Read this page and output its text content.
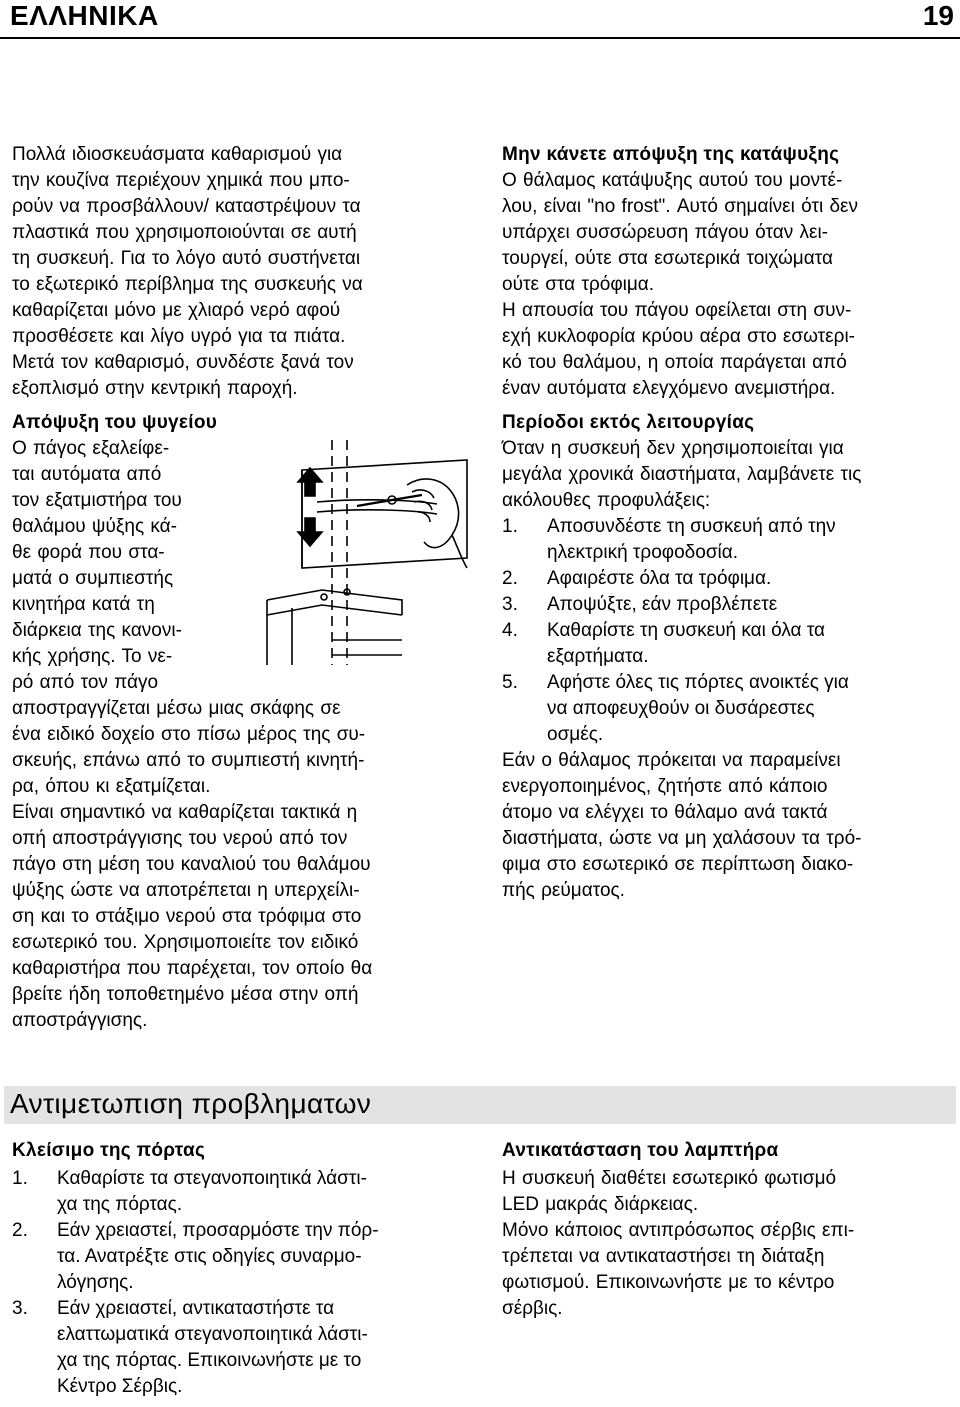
ΕΛΛΗΝΙΚΑ	19

Πολλά ιδιοσκευάσματα καθαρισμού για

την κουζίνα περιέχουν χημικά που μπο-

ρούν να προσβάλλουν/ καταστρέψουν τα

πλαστικά που χρησιμοποιούνται σε αυτή

τη συσκευή. Για το λόγο αυτό συστήνεται

το εξωτερικό περίβλημα της συσκευής να

καθαρίζεται μόνο με χλιαρό νερό αφού

προσθέσετε και λίγο υγρό για τα πιάτα.

Μετά τον καθαρισμό, συνδέστε ξανά τον

εξοπλισμό στην κεντρική παροχή.

Απόψυξη του ψυγείου

Ο πάγος εξαλείφε-

ται αυτόματα από

τον εξατμιστήρα του

θαλάμου ψύξης κά-

θε φορά που στα-

ματά ο συμπιεστής

κινητήρα κατά τη

διάρκεια της κανονι-

κής χρήσης. Το νε-

ρό από τον πάγο

αποστραγγίζεται μέσω μιας σκάφης σε

ένα ειδικό δοχείο στο πίσω μέρος της συ-

σκευής, επάνω από το συμπιεστή κινητή-

ρα, όπου κι εξατμίζεται.

Είναι σημαντικό να καθαρίζεται τακτικά η

οπή αποστράγγισης του νερού από τον

πάγο στη μέση του καναλιού του θαλάμου

ψύξης ώστε να αποτρέπεται η υπερχείλι-

ση και το στάξιμο νερού στα τρόφιμα στο

εσωτερικό του. Χρησιμοποιείτε τον ειδικό

καθαριστήρα που παρέχεται, τον οποίο θα

βρείτε ήδη τοποθετημένο μέσα στην οπή

αποστράγγισης.

Μην κάνετε απόψυξη της κατάψυξης

Ο θάλαμος κατάψυξης αυτού του μοντέ-

λου, είναι "no frost". Αυτό σημαίνει ότι δεν

υπάρχει συσσώρευση πάγου όταν λει-

τουργεί, ούτε στα εσωτερικά τοιχώματα

ούτε στα τρόφιμα.

Η απουσία του πάγου οφείλεται στη συν-

εχή κυκλοφορία κρύου αέρα στο εσωτερι-

κό του θαλάμου, η οποία παράγεται από

έναν αυτόματα ελεγχόμενο ανεμιστήρα.

Περίοδοι εκτός λειτουργίας

Όταν η συσκευή δεν χρησιμοποιείται για

μεγάλα χρονικά διαστήματα, λαμβάνετε τις

ακόλουθες προφυλάξεις:

1. Αποσυνδέστε τη συσκευή από την
ηλεκτρική τροφοδοσία.
2. Αφαιρέστε όλα τα τρόφιμα.
3. Αποψύξτε, εάν προβλέπετε
4. Καθαρίστε τη συσκευή και όλα τα
εξαρτήματα.
5. Αφήστε όλες τις πόρτες ανοικτές για
να αποφευχθούν οι δυσάρεστες
οσμές.

Εάν ο θάλαμος πρόκειται να παραμείνει

ενεργοποιημένος, ζητήστε από κάποιο

άτομο να ελέγχει το θάλαμο ανά τακτά

διαστήματα, ώστε να μη χαλάσουν τα τρό-

φιμα στο εσωτερικό σε περίπτωση διακο-

πής ρεύματος.

Αντιμετωπιση προβληματων

Κλείσιμο της πόρτας

1. Καθαρίστε τα στεγανοποιητικά λάστι-
χα της πόρτας.
2. Εάν χρειαστεί, προσαρμόστε την πόρ-
τα. Ανατρέξτε στις οδηγίες συναρμο-
λόγησης.
3. Εάν χρειαστεί, αντικαταστήστε τα
ελαττωματικά στεγανοποιητικά λάστι-
χα της πόρτας. Επικοινωνήστε με το
Κέντρο Σέρβις.

Αντικατάσταση του λαμπτήρα

Η συσκευή διαθέτει εσωτερικό φωτισμό

LED μακράς διάρκειας.

Μόνο κάποιος αντιπρόσωπος σέρβις επι-

τρέπεται να αντικαταστήσει τη διάταξη

φωτισμού. Επικοινωνήστε με το κέντρο

σέρβις.
